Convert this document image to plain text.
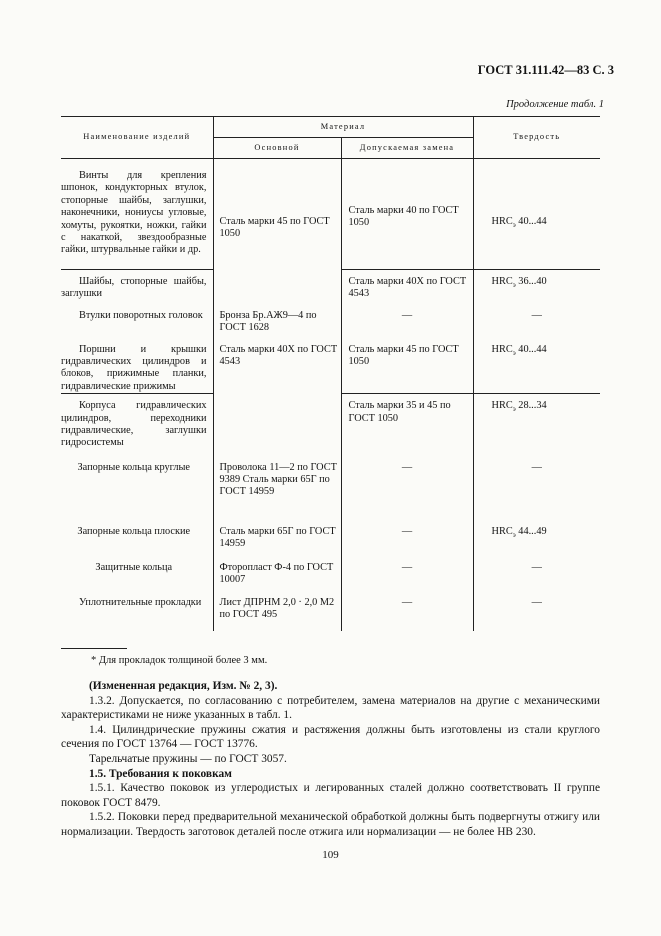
ГОСТ 31.111.42—83 С. 3
Продолжение табл. 1
Наименование изделий	Материал		Твердость
	Основной	Допускаемая замена	
Винты для крепления шпонок, кондукторных втулок, стопорные шайбы, заглушки, наконечники, нониусы угловые, хомуты, рукоятки, ножки, гайки с накаткой, звездообразные гайки, штурвальные гайки и др.	Сталь марки 45 по ГОСТ 1050	Сталь марки 40 по ГОСТ 1050	$HRC_э$ 40...44
Шайбы, стопорные шайбы, заглушки		Сталь марки 40Х по ГОСТ 4543	$HRC_э$ 36...40
Втулки поворотных головок	Бронза Бр.АЖ9—4 по ГОСТ 1628	—	—
Поршни и крышки гидравлических цилиндров и блоков, прижимные планки, гидравлические прижимы	Сталь марки 40Х по ГОСТ 4543	Сталь марки 45 по ГОСТ 1050	$HRC_э$ 40...44
Корпуса гидравлических цилиндров, переходники гидравлические, заглушки гидросистемы		Сталь марки 35 и 45 по ГОСТ 1050	$HRC_э$ 28...34
Запорные кольца круглые	Проволока 11—2 по ГОСТ 9389 Сталь марки 65Г по ГОСТ 14959	—	—
Запорные кольца плоские	Сталь марки 65Г по ГОСТ 14959	—	$HRC_э$ 44...49
Защитные кольца	Фторопласт Ф-4 по ГОСТ 10007	—	—
Уплотнительные прокладки	Лист ДПРНМ 2,0 · 2,0 М2 по ГОСТ 495	—	—
* Для прокладок толщиной более 3 мм.

(Измененная редакция, Изм. № 2, 3).

1.3.2. Допускается, по согласованию с потребителем, замена материалов на другие с механическими характеристиками не ниже указанных в табл. 1.

1.4. Цилиндрические пружины сжатия и растяжения должны быть изготовлены из стали круглого сечения по ГОСТ 13764 — ГОСТ 13776.

Тарельчатые пружины — по ГОСТ 3057.

1.5. Требования к поковкам

1.5.1. Качество поковок из углеродистых и легированных сталей должно соответствовать II группе поковок ГОСТ 8479.

1.5.2. Поковки перед предварительной механической обработкой должны быть подвергнуты отжигу или нормализации. Твердость заготовок деталей после отжига или нормализации — не более НВ 230.

109
